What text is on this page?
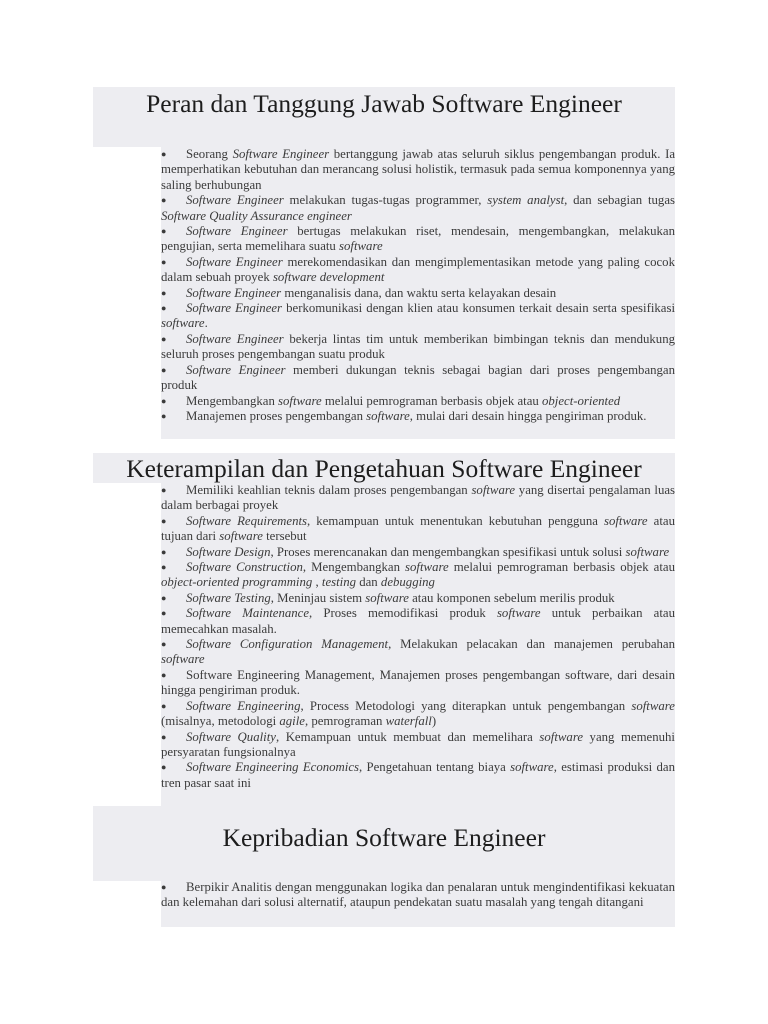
Peran dan Tanggung Jawab Software Engineer
● Seorang Software Engineer bertanggung jawab atas seluruh siklus pengembangan produk. Ia memperhatikan kebutuhan dan merancang solusi holistik, termasuk pada semua komponennya yang saling berhubungan
● Software Engineer melakukan tugas-tugas programmer, system analyst, dan sebagian tugas Software Quality Assurance engineer
● Software Engineer bertugas melakukan riset, mendesain, mengembangkan, melakukan pengujian, serta memelihara suatu software
● Software Engineer merekomendasikan dan mengimplementasikan metode yang paling cocok dalam sebuah proyek software development
● Software Engineer menganalisis dana, dan waktu serta kelayakan desain
● Software Engineer berkomunikasi dengan klien atau konsumen terkait desain serta spesifikasi software.
● Software Engineer bekerja lintas tim untuk memberikan bimbingan teknis dan mendukung seluruh proses pengembangan suatu produk
● Software Engineer memberi dukungan teknis sebagai bagian dari proses pengembangan produk
● Mengembangkan software melalui pemrograman berbasis objek atau object-oriented
● Manajemen proses pengembangan software, mulai dari desain hingga pengiriman produk.
Keterampilan dan Pengetahuan Software Engineer
● Memiliki keahlian teknis dalam proses pengembangan software yang disertai pengalaman luas dalam berbagai proyek
● Software Requirements, kemampuan untuk menentukan kebutuhan pengguna software atau tujuan dari software tersebut
● Software Design, Proses merencanakan dan mengembangkan spesifikasi untuk solusi software
● Software Construction, Mengembangkan software melalui pemrograman berbasis objek atau object-oriented programming , testing dan debugging
● Software Testing, Meninjau sistem software atau komponen sebelum merilis produk
● Software Maintenance, Proses memodifikasi produk software untuk perbaikan atau memecahkan masalah.
● Software Configuration Management, Melakukan pelacakan dan manajemen perubahan software
● Software Engineering Management, Manajemen proses pengembangan software, dari desain hingga pengiriman produk.
● Software Engineering, Process Metodologi yang diterapkan untuk pengembangan software (misalnya, metodologi agile, pemrograman waterfall)
● Software Quality, Kemampuan untuk membuat dan memelihara software yang memenuhi persyaratan fungsionalnya
● Software Engineering Economics, Pengetahuan tentang biaya software, estimasi produksi dan tren pasar saat ini
Kepribadian Software Engineer
● Berpikir Analitis dengan menggunakan logika dan penalaran untuk mengindentifikasi kekuatan dan kelemahan dari solusi alternatif, ataupun pendekatan suatu masalah yang tengah ditangani
